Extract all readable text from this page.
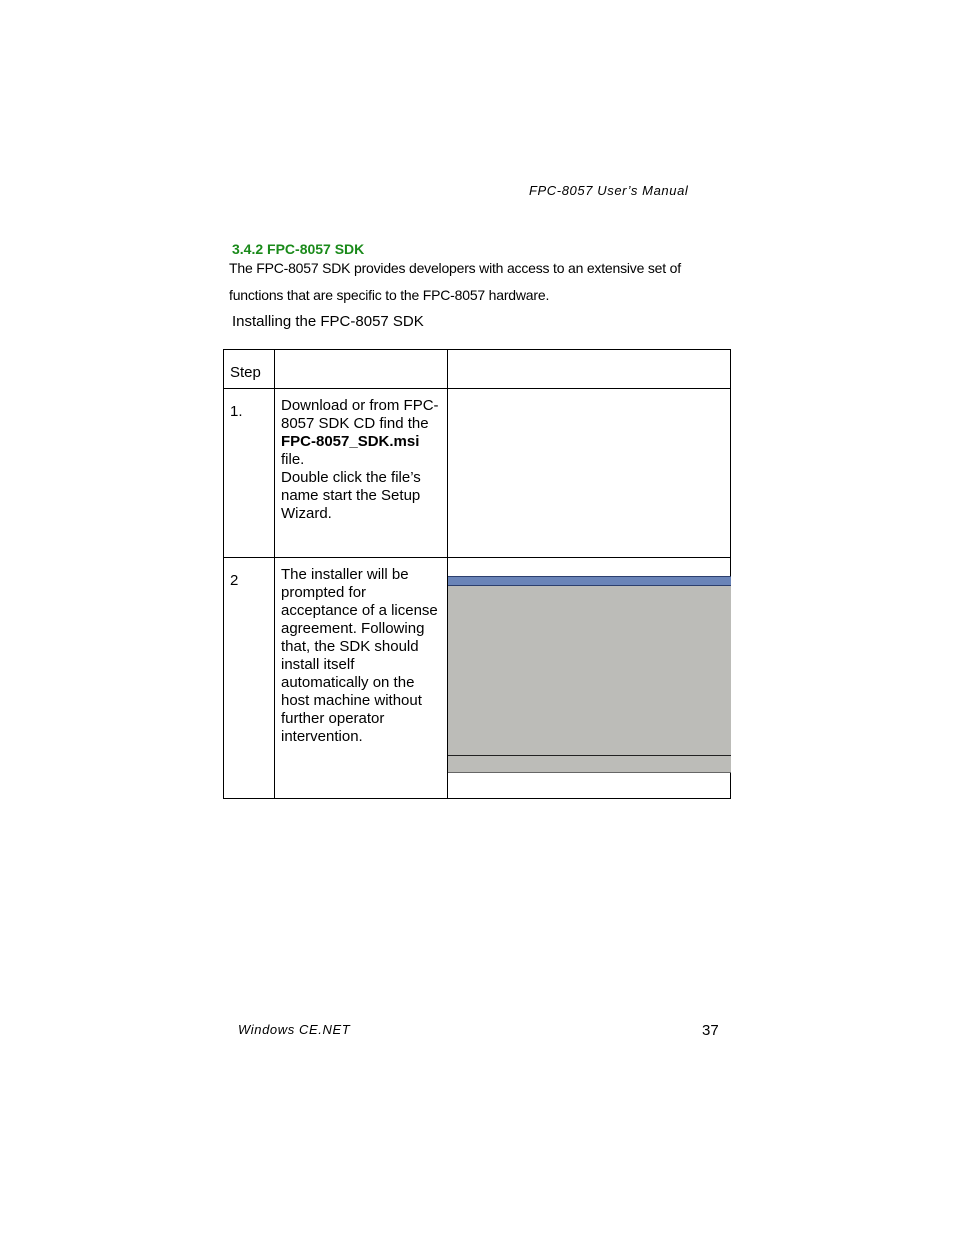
FPC-8057 User’s Manual
3.4.2 FPC-8057 SDK
The FPC-8057 SDK provides developers with access to an extensive set of
functions that are specific to the FPC-8057 hardware.
Installing the FPC-8057 SDK
Step
1.	Download or from FPC-8057 SDK CD find the
FPC-8057_SDK.msi
file.
Double click the file’s name start the Setup Wizard.
2	The installer will be prompted for acceptance of a license agreement. Following that, the SDK should install itself automatically on the host machine without further operator intervention.
Windows CE.NET	37
